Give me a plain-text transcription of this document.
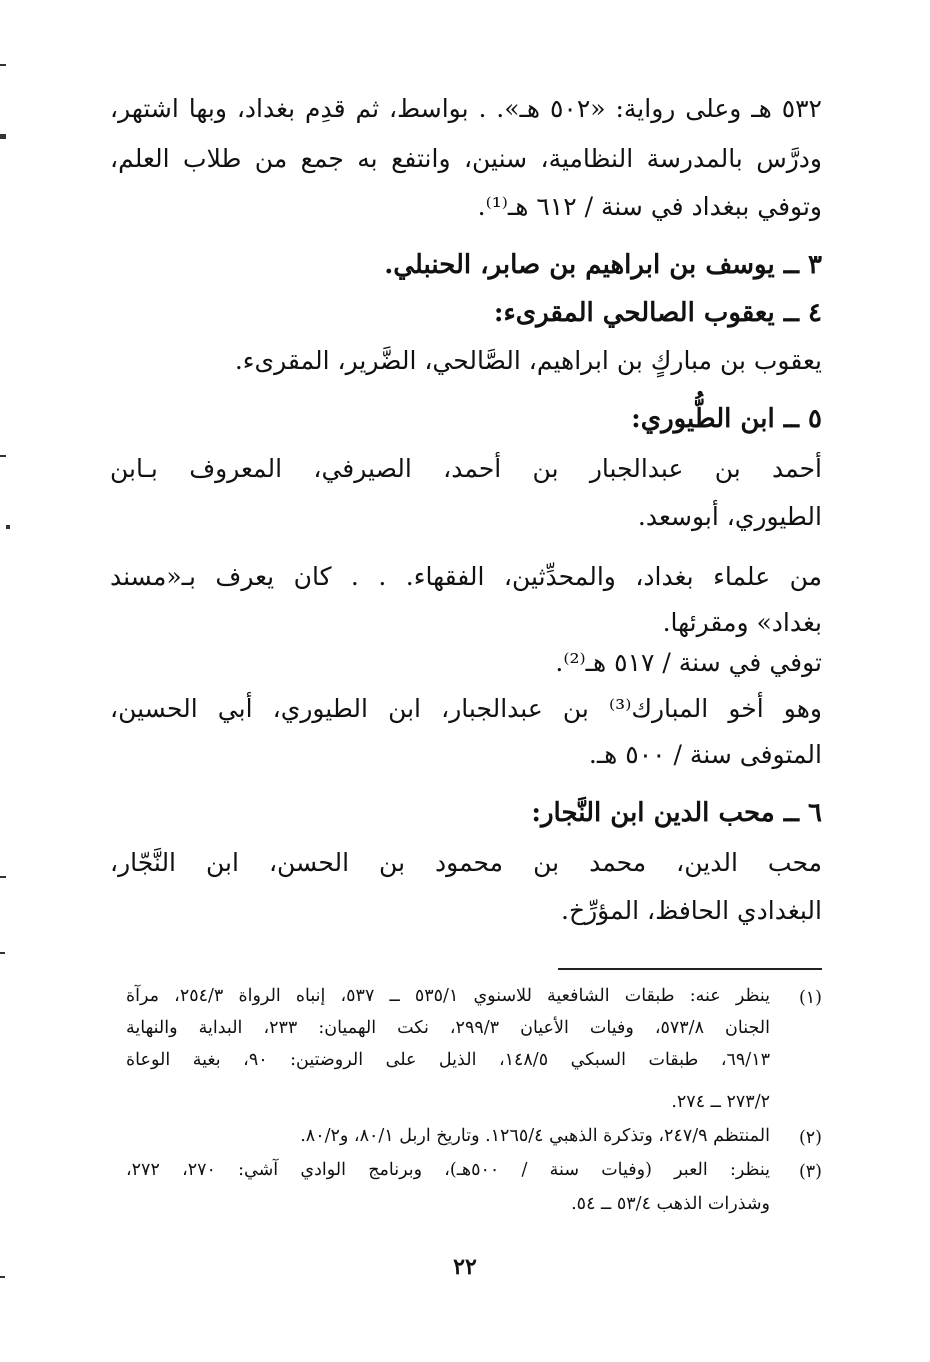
٥٣٢ هـ وعلى رواية: «٥٠٢ هـ». . بواسط، ثم قدِم بغداد، وبها اشتهر،
ودرَّس بالمدرسة النظامية، سنين، وانتفع به جمع من طلاب العلم،
وتوفي ببغداد في سنة / ٦١٢ هـ⁽¹⁾.
٣ ــ يوسف بن ابراهيم بن صابر، الحنبلي.
٤ ــ يعقوب الصالحي المقرىء:
يعقوب بن مباركٍ بن ابراهيم، الصَّالحي، الضَّرير، المقرىء.
٥ ــ ابن الطُّيوري:
أحمد بن عبدالجبار بن أحمد، الصيرفي، المعروف بـابن
الطيوري، أبوسعد.
من علماء بغداد، والمحدِّثين، الفقهاء. . . كان يعرف بـ«مسند
بغداد» ومقرئها.
توفي في سنة / ٥١٧ هـ⁽²⁾.
وهو أخو المبارك⁽³⁾ بن عبدالجبار، ابن الطيوري، أبي الحسين،
المتوفى سنة / ٥٠٠ هـ.
٦ ــ محب الدين ابن النَّجار:
محب الدين، محمد بن محمود بن الحسن، ابن النَّجّار،
البغدادي الحافظ، المؤرِّخ.
(١)
ينظر عنه: طبقات الشافعية للاسنوي ٥٣٥/١ ــ ٥٣٧، إنباه الرواة ٢٥٤/٣، مرآة
الجنان ٥٧٣/٨، وفيات الأعيان ٢٩٩/٣، نكت الهميان: ٢٣٣، البداية والنهاية
٦٩/١٣، طبقات السبكي ١٤٨/٥، الذيل على الروضتين: ٩٠، بغية الوعاة
٢٧٣/٢ ــ ٢٧٤.
(٢)
المنتظم ٢٤٧/٩، وتذكرة الذهبي ١٢٦٥/٤. وتاريخ اربل ٨٠/١، و٨٠/٢.
(٣)
ينظر: العبر (وفيات سنة / ٥٠٠هـ)، وبرنامج الوادي آشي: ٢٧٠، ٢٧٢،
وشذرات الذهب ٥٣/٤ ــ ٥٤.
٢٢
